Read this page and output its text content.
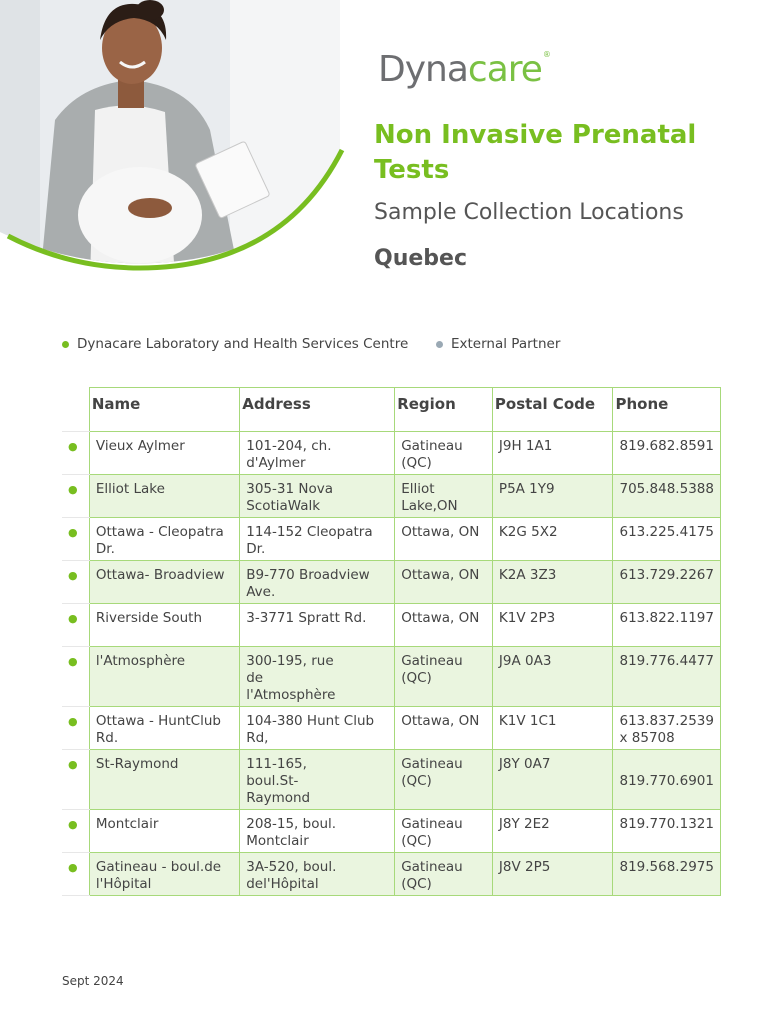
Dyna care ®
Non Invasive Prenatal Tests
Sample Collection Locations
Quebec
Dynacare Laboratory and Health Services Centre	External Partner
	Name	Address	Region	Postal Code	Phone
●	Vieux Aylmer	101-204, ch. d'Aylmer	Gatineau (QC)	J9H 1A1	819.682.8591
●	Elliot Lake	305-31 Nova ScotiaWalk	Elliot Lake,ON	P5A 1Y9	705.848.5388
●	Ottawa - Cleopatra Dr.	114-152 Cleopatra Dr.	Ottawa, ON	K2G 5X2	613.225.4175
●	Ottawa- Broadview	B9-770 Broadview Ave.	Ottawa, ON	K2A 3Z3	613.729.2267
●	Riverside South	3-3771 Spratt Rd.	Ottawa, ON	K1V 2P3	613.822.1197
●	l'Atmosphère	300-195, rue de l'Atmosphère	Gatineau (QC)	J9A 0A3	819.776.4477
●	Ottawa - HuntClub Rd.	104-380 Hunt Club Rd,	Ottawa, ON	K1V 1C1	613.837.2539
x 85708
●	St-Raymond	111-165, boul.St- Raymond	Gatineau (QC)	J8Y 0A7	819.770.6901
●	Montclair	208-15, boul. Montclair	Gatineau (QC)	J8Y 2E2	819.770.1321
●	Gatineau - boul.de l'Hôpital	3A-520, boul. del'Hôpital	Gatineau (QC)	J8V 2P5	819.568.2975
Sept 2024
